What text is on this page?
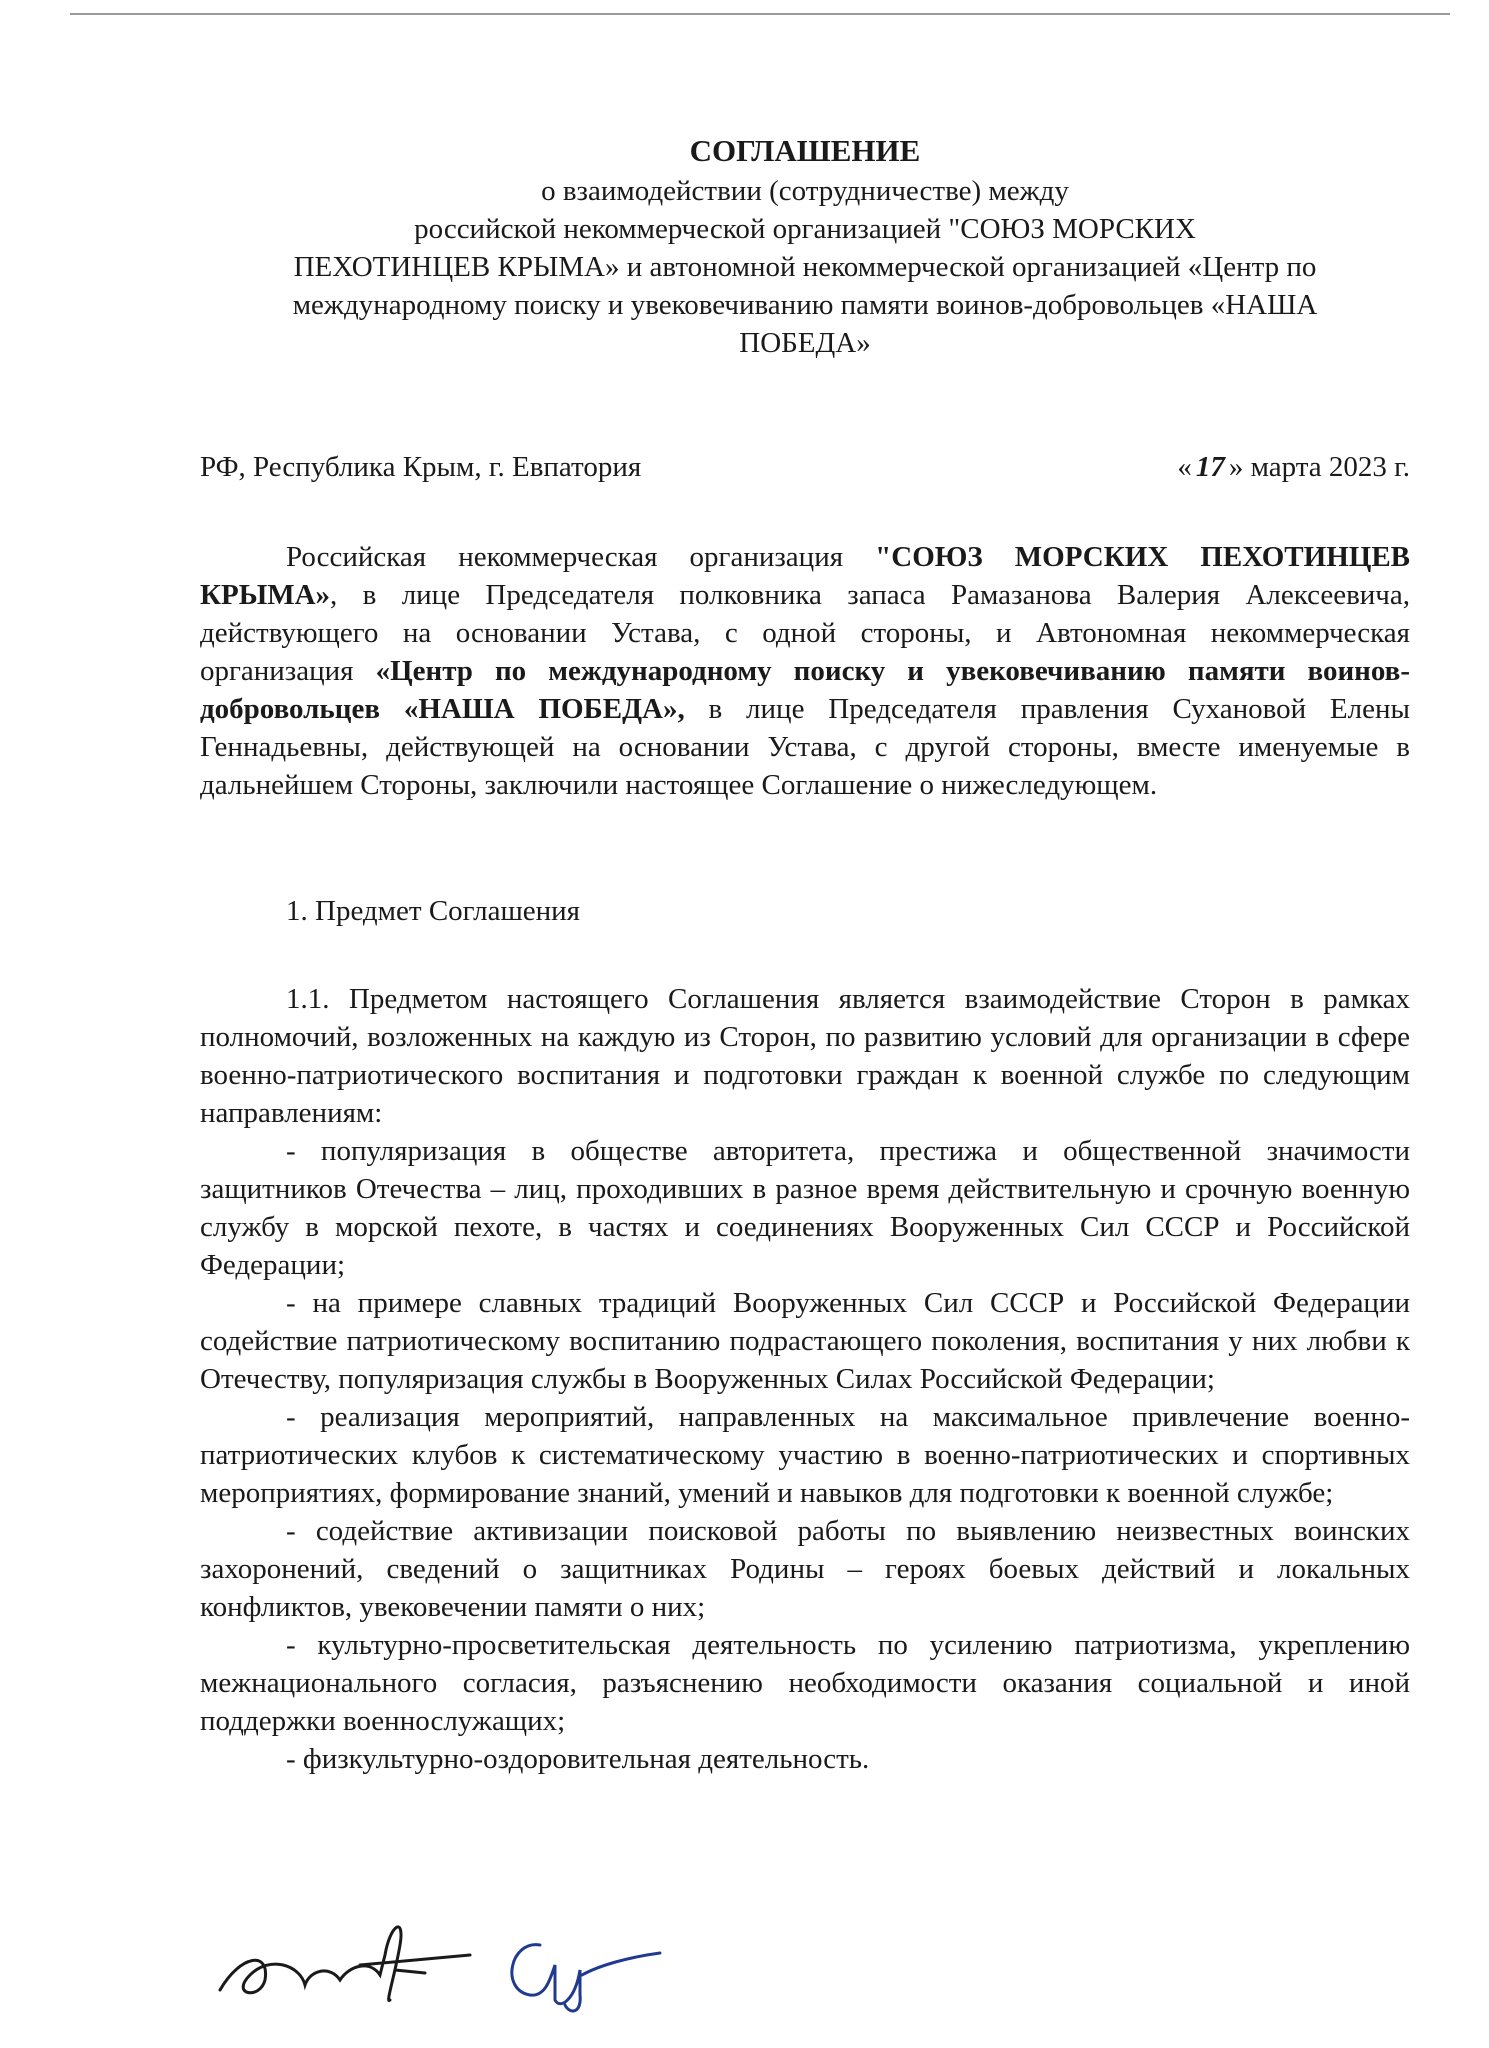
СОГЛАШЕНИЕ
о взаимодействии (сотрудничестве) между
российской некоммерческой организацией "СОЮЗ МОРСКИХ
ПЕХОТИНЦЕВ КРЫМА» и автономной некоммерческой организацией «Центр по
международному поиску и увековечиванию памяти воинов-добровольцев «НАША
ПОБЕДА»
РФ, Республика Крым, г. Евпатория	« 17 » марта 2023 г.

Российская некоммерческая организация "СОЮЗ МОРСКИХ ПЕХОТИНЦЕВ КРЫМА», в лице Председателя полковника запаса Рамазанова Валерия Алексеевича, действующего на основании Устава, с одной стороны, и Автономная некоммерческая организация «Центр по международному поиску и увековечиванию памяти воинов-добровольцев «НАША ПОБЕДА», в лице Председателя правления Сухановой Елены Геннадьевны, действующей на основании Устава, с другой стороны, вместе именуемые в дальнейшем Стороны, заключили настоящее Соглашение о нижеследующем.

1. Предмет Соглашения

1.1. Предметом настоящего Соглашения является взаимодействие Сторон в рамках полномочий, возложенных на каждую из Сторон, по развитию условий для организации в сфере военно-патриотического воспитания и подготовки граждан к военной службе по следующим направлениям:

- популяризация в обществе авторитета, престижа и общественной значимости защитников Отечества – лиц, проходивших в разное время действительную и срочную военную службу в морской пехоте, в частях и соединениях Вооруженных Сил СССР и Российской Федерации;

- на примере славных традиций Вооруженных Сил СССР и Российской Федерации содействие патриотическому воспитанию подрастающего поколения, воспитания у них любви к Отечеству, популяризация службы в Вооруженных Силах Российской Федерации;

- реализация мероприятий, направленных на максимальное привлечение военно-патриотических клубов к систематическому участию в военно-патриотических и спортивных мероприятиях, формирование знаний, умений и навыков для подготовки к военной службе;

- содействие активизации поисковой работы по выявлению неизвестных воинских захоронений, сведений о защитниках Родины – героях боевых действий и локальных конфликтов, увековечении памяти о них;

- культурно-просветительская деятельность по усилению патриотизма, укреплению межнационального согласия, разъяснению необходимости оказания социальной и иной поддержки военнослужащих;

- физкультурно-оздоровительная деятельность.
